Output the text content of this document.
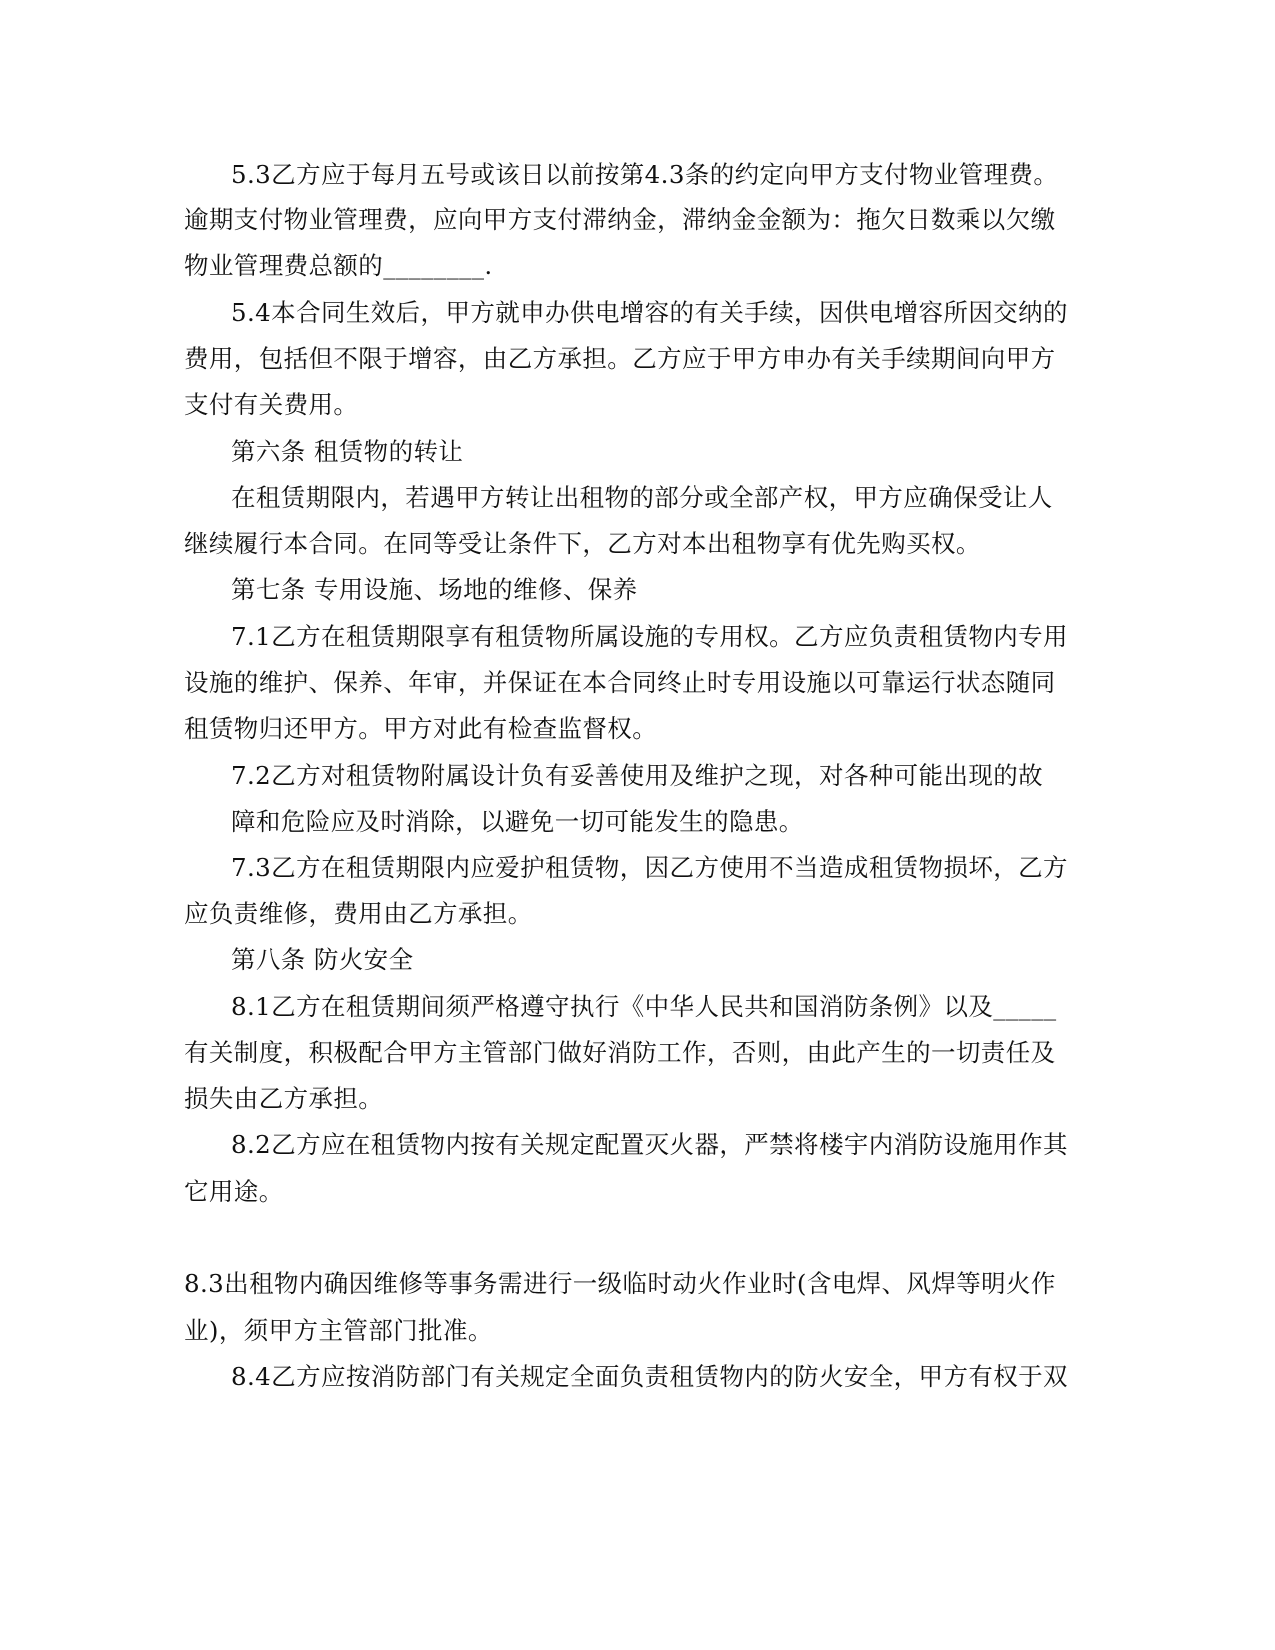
5.3乙方应于每月五号或该日以前按第4.3条的约定向甲方支付物业管理费。
逾期支付物业管理费，应向甲方支付滞纳金，滞纳金金额为：拖欠日数乘以欠缴
物业管理费总额的________.
5.4本合同生效后，甲方就申办供电增容的有关手续，因供电增容所因交纳的
费用，包括但不限于增容，由乙方承担。乙方应于甲方申办有关手续期间向甲方
支付有关费用。
第六条 租赁物的转让
在租赁期限内，若遇甲方转让出租物的部分或全部产权，甲方应确保受让人
继续履行本合同。在同等受让条件下，乙方对本出租物享有优先购买权。
第七条 专用设施、场地的维修、保养
7.1乙方在租赁期限享有租赁物所属设施的专用权。乙方应负责租赁物内专用
设施的维护、保养、年审，并保证在本合同终止时专用设施以可靠运行状态随同
租赁物归还甲方。甲方对此有检查监督权。
7.2乙方对租赁物附属设计负有妥善使用及维护之现，对各种可能出现的故
障和危险应及时消除，以避免一切可能发生的隐患。
7.3乙方在租赁期限内应爱护租赁物，因乙方使用不当造成租赁物损坏，乙方
应负责维修，费用由乙方承担。
第八条 防火安全
8.1乙方在租赁期间须严格遵守执行《中华人民共和国消防条例》以及_____
有关制度，积极配合甲方主管部门做好消防工作，否则，由此产生的一切责任及
损失由乙方承担。
8.2乙方应在租赁物内按有关规定配置灭火器，严禁将楼宇内消防设施用作其
它用途。
8.3出租物内确因维修等事务需进行一级临时动火作业时(含电焊、风焊等明火作
业)，须甲方主管部门批准。
8.4乙方应按消防部门有关规定全面负责租赁物内的防火安全，甲方有权于双
